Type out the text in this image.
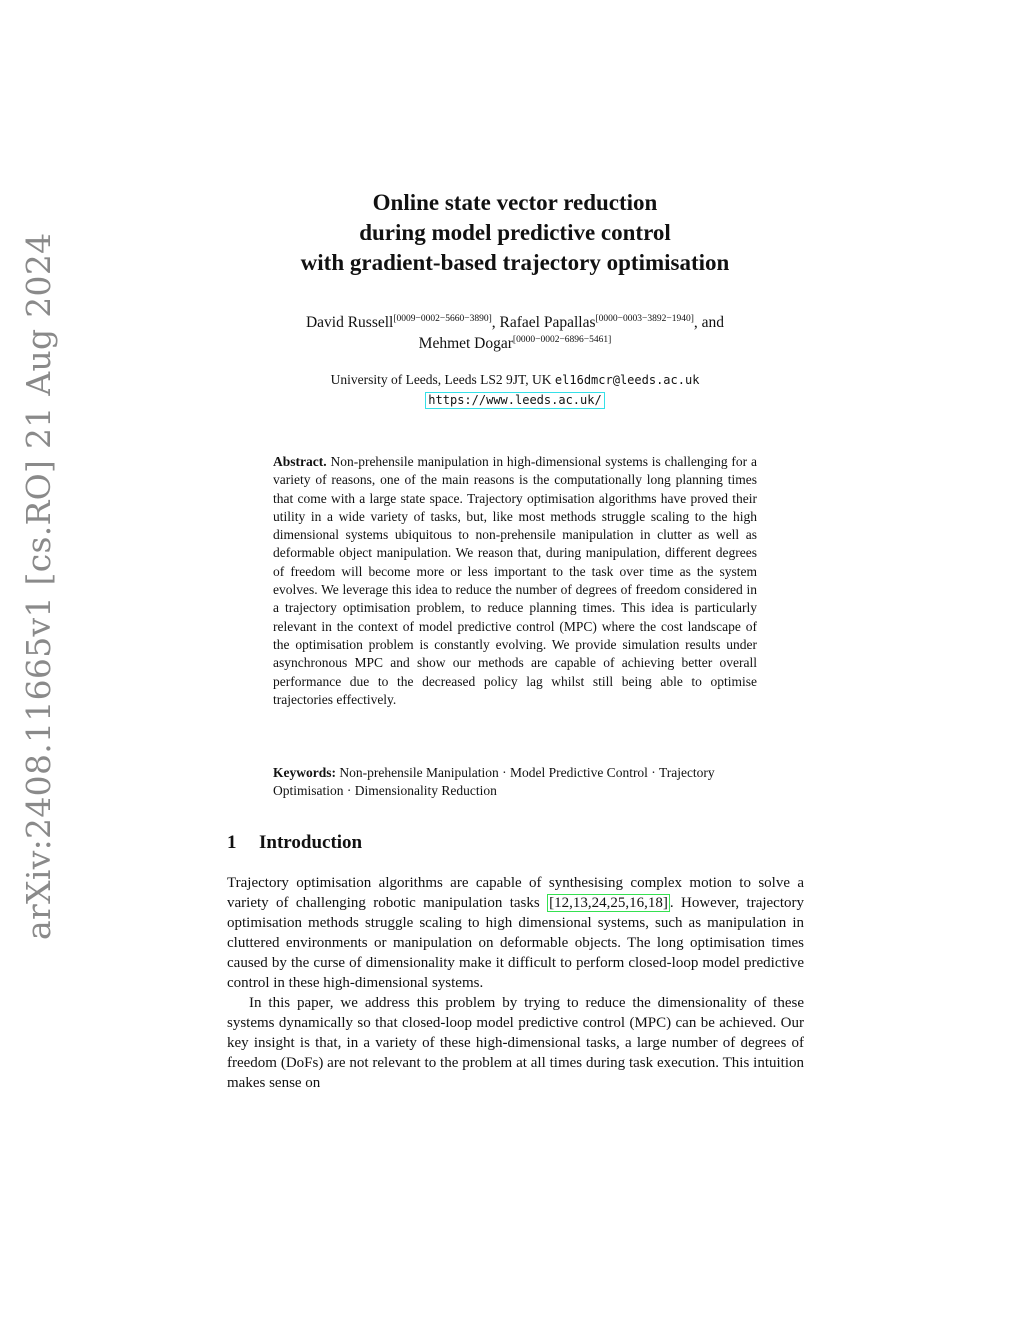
arXiv:2408.11665v1 [cs.RO] 21 Aug 2024
Online state vector reduction
during model predictive control
with gradient-based trajectory optimisation
David Russell[0009−0002−5660−3890], Rafael Papallas[0000−0003−3892−1940], and
Mehmet Dogar[0000−0002−6896−5461]
University of Leeds, Leeds LS2 9JT, UK el16dmcr@leeds.ac.uk
https://www.leeds.ac.uk/
Abstract. Non-prehensile manipulation in high-dimensional systems is challenging for a variety of reasons, one of the main reasons is the computationally long planning times that come with a large state space. Trajectory optimisation algorithms have proved their utility in a wide variety of tasks, but, like most methods struggle scaling to the high dimensional systems ubiquitous to non-prehensile manipulation in clutter as well as deformable object manipulation. We reason that, during manipulation, different degrees of freedom will become more or less important to the task over time as the system evolves. We leverage this idea to reduce the number of degrees of freedom considered in a trajectory optimisation problem, to reduce planning times. This idea is particularly relevant in the context of model predictive control (MPC) where the cost landscape of the optimisation problem is constantly evolving. We provide simulation results under asynchronous MPC and show our methods are capable of achieving better overall performance due to the decreased policy lag whilst still being able to optimise trajectories effectively.
Keywords: Non-prehensile Manipulation · Model Predictive Control · Trajectory Optimisation · Dimensionality Reduction
1 Introduction

Trajectory optimisation algorithms are capable of synthesising complex motion to solve a variety of challenging robotic manipulation tasks [12,13,24,25,16,18] . However, trajectory optimisation methods struggle scaling to high dimensional systems, such as manipulation in cluttered environments or manipulation on deformable objects. The long optimisation times caused by the curse of dimensionality make it difficult to perform closed-loop model predictive control in these high-dimensional systems.

In this paper, we address this problem by trying to reduce the dimensionality of these systems dynamically so that closed-loop model predictive control (MPC) can be achieved. Our key insight is that, in a variety of these high-dimensional tasks, a large number of degrees of freedom (DoFs) are not relevant to the problem at all times during task execution. This intuition makes sense on
